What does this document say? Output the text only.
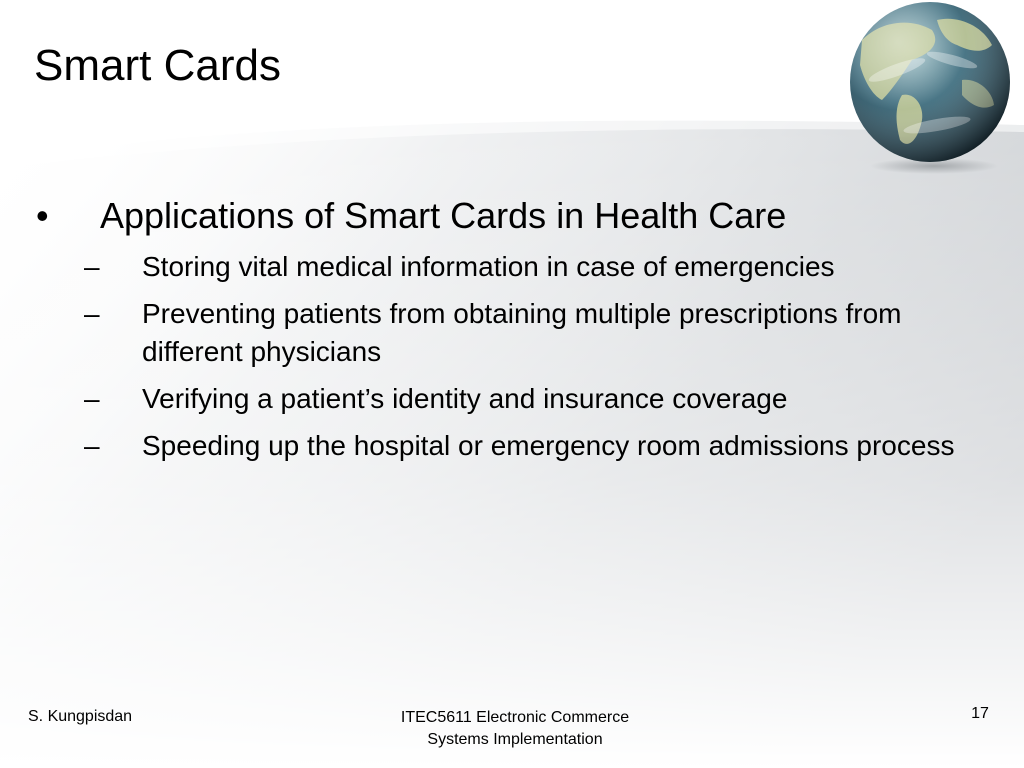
Smart Cards
• Applications of Smart Cards in Health Care
– Storing vital medical information in case of emergencies
– Preventing patients from obtaining multiple prescriptions from different physicians
– Verifying a patient’s identity and insurance coverage
– Speeding up the hospital or emergency room admissions process
S. Kungpisdan	ITEC5611 Electronic Commerce
Systems Implementation
17
